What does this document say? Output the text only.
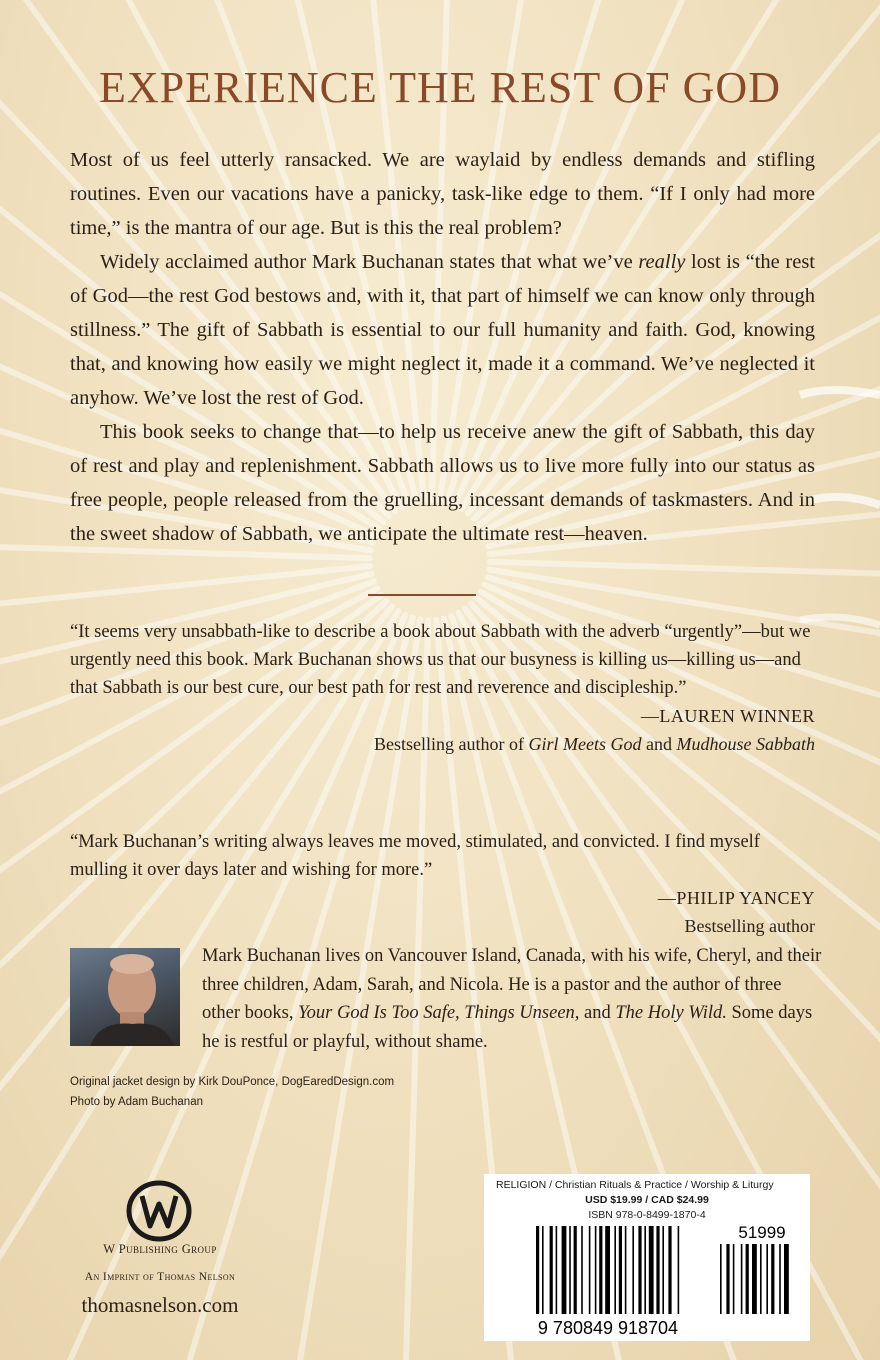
EXPERIENCE THE REST OF GOD

Most of us feel utterly ransacked. We are waylaid by endless demands and stifling routines. Even our vacations have a panicky, task-like edge to them. “If I only had more time,” is the mantra of our age. But is this the real problem?

Widely acclaimed author Mark Buchanan states that what we’ve really lost is “the rest of God—the rest God bestows and, with it, that part of himself we can know only through stillness.” The gift of Sabbath is essential to our full humanity and faith. God, knowing that, and knowing how easily we might neglect it, made it a command. We’ve neglected it anyhow. We’ve lost the rest of God.

This book seeks to change that—to help us receive anew the gift of Sabbath, this day of rest and play and replenishment. Sabbath allows us to live more fully into our status as free people, people released from the gruelling, incessant demands of taskmasters. And in the sweet shadow of Sabbath, we anticipate the ultimate rest—heaven.

“It seems very unsabbath-like to describe a book about Sabbath with the adverb “urgently”—but we urgently need this book. Mark Buchanan shows us that our busyness is killing us—killing us—and that Sabbath is our best cure, our best path for rest and reverence and discipleship.”

—LAUREN WINNER
Bestselling author of Girl Meets God and Mudhouse Sabbath

“Mark Buchanan’s writing always leaves me moved, stimulated, and convicted. I find myself mulling it over days later and wishing for more.”

—PHILIP YANCEY
Bestselling author
Mark Buchanan lives on Vancouver Island, Canada, with his wife, Cheryl, and their three children, Adam, Sarah, and Nicola. He is a pastor and the author of three other books, Your God Is Too Safe, Things Unseen, and The Holy Wild. Some days he is restful or playful, without shame.
Original jacket design by Kirk DouPonce, DogEaredDesign.com
Photo by Adam Buchanan
W Publishing Group
An Imprint of Thomas Nelson
thomasnelson.com
RELIGION / Christian Rituals & Practice / Worship & Liturgy
USD $19.99 / CAD $24.99
ISBN 978-0-8499-1870-4
9 780849 918704
51999
